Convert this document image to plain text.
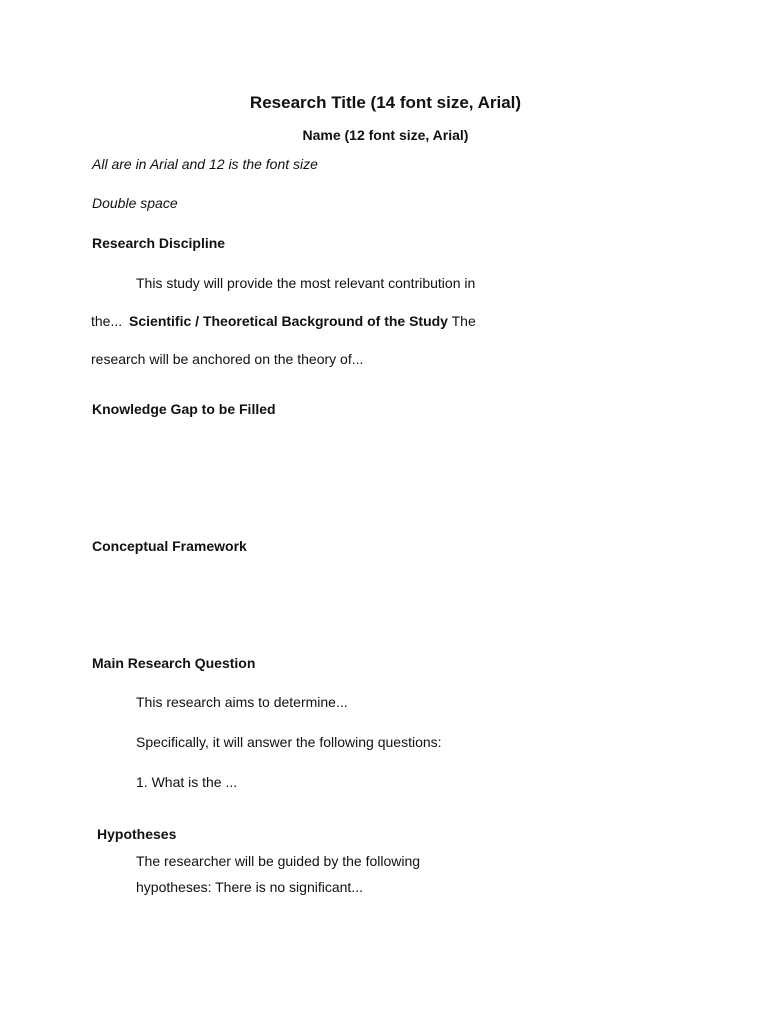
Research Title (14 font size, Arial)
Name (12 font size, Arial)
All are in Arial and 12 is the font size
Double space
Research Discipline
This study will provide the most relevant contribution in
the... Scientific / Theoretical Background of the Study The
research will be anchored on the theory of...
Knowledge Gap to be Filled
Conceptual Framework
Main Research Question
This research aims to determine...
Specifically, it will answer the following questions:
1. What is the ...
Hypotheses
The researcher will be guided by the following
hypotheses: There is no significant...
